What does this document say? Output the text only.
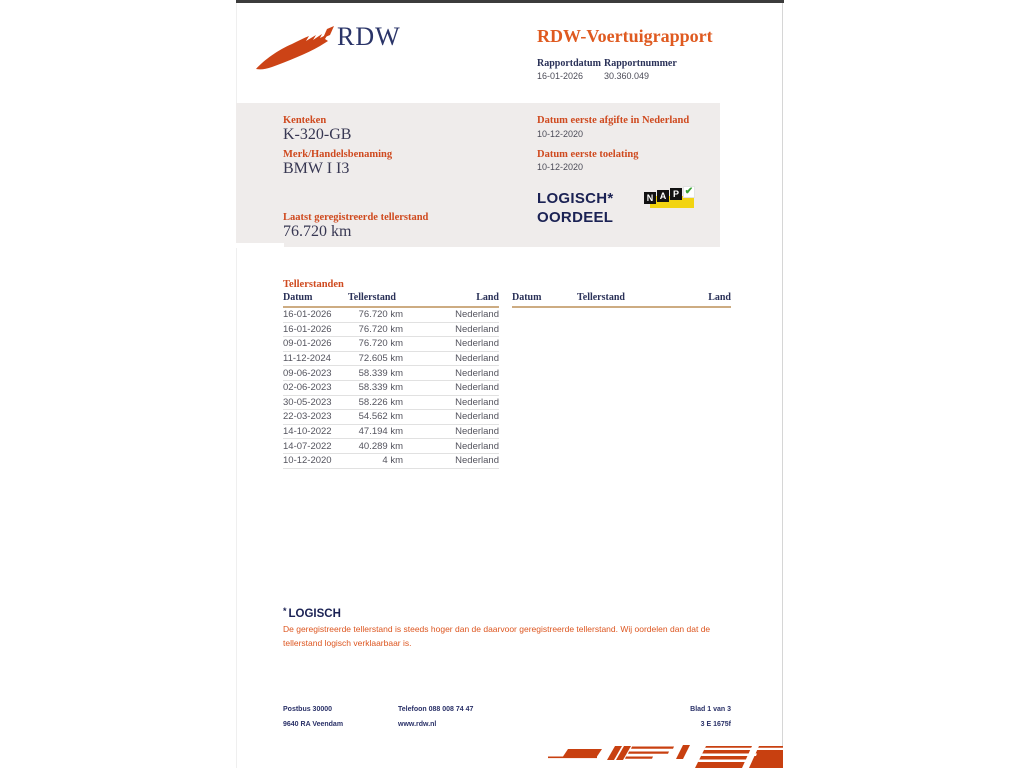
RDW	RDW-Voertuigrapport
Rapportdatum Rapportnummer
16-01-2026 30.360.049
Kenteken
K-320-GB
Merk/Handelsbenaming
BMW I I3
Laatst geregistreerde tellerstand
76.720 km
Datum eerste afgifte in Nederland
10-12-2020
Datum eerste toelating
10-12-2020
LOGISCH*
OORDEEL
N A P ✔
Tellerstanden
Datum	Tellerstand	Land
16-01-2026	76.720 km	Nederland
16-01-2026	76.720 km	Nederland
09-01-2026	76.720 km	Nederland
11-12-2024	72.605 km	Nederland
09-06-2023	58.339 km	Nederland
02-06-2023	58.339 km	Nederland
30-05-2023	58.226 km	Nederland
22-03-2023	54.562 km	Nederland
14-10-2022	47.194 km	Nederland
14-07-2022	40.289 km	Nederland
10-12-2020	4 km	Nederland
Datum	Tellerstand	Land
* LOGISCH
De geregistreerde tellerstand is steeds hoger dan de daarvoor geregistreerde tellerstand. Wij oordelen dan dat de tellerstand logisch verklaarbaar is.
Postbus 30000
9640 RA Veendam
Telefoon 088 008 74 47
www.rdw.nl
Blad 1 van 3
3 E 1675f
